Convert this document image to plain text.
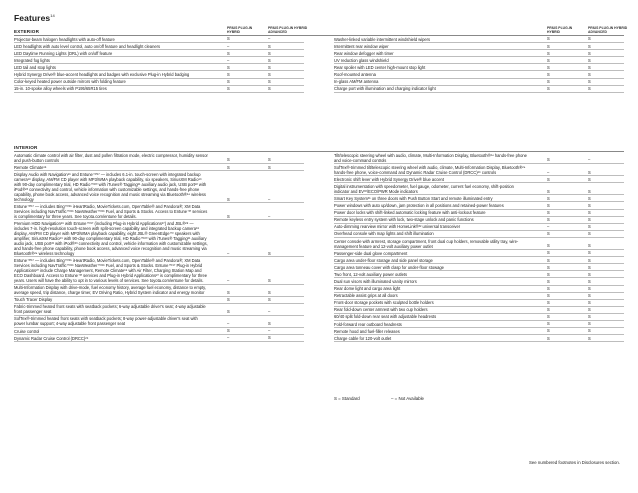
Features$^{14}$
EXTERIOR
PRIUS PLUG-IN HYBRID
PRIUS PLUG-IN HYBRID ADVANCED
PRIUS PLUG-IN HYBRID
PRIUS PLUG-IN HYBRID ADVANCED
Projector-beam halogen headlights with auto-off feature	S	–
LED headlights with auto level control, auto on/off feature and headlight cleaners	–	S
LED Daytime Running Lights (DRL) with on/off feature	S	S
Integrated fog lights	–	S
LED tail and stop lights	S	S
Hybrid Synergy Drive® blue-accent headlights and badges with exclusive Plug-in Hybrid badging	S	S
Color-keyed heated power outside mirrors with folding feature	S	S
15-in. 10-spoke alloy wheels with P195/65R15 tires	S	S
Washer-linked variable intermittent windshield wipers	S	S
Intermittent rear window wiper	S	S
Rear window defogger with timer	S	S
UV reduction glass windshield	S	S
Rear spoiler with LED center high-mount stop light	S	S
Roof-mounted antenna	S	S
In-glass AM/FM antenna	S	S
Charge port with illumination and charging indicator light	S	S
INTERIOR
Automatic climate control with air filter, dust and pollen filtration mode, electric compressor, humidity sensor and push-button controls	S	S
Remote Climate¹⁵	S	S
Display Audio with Navigation¹⁶ and Entune™¹⁷ — includes 6.1-in. touch-screen with integrated backup camera¹⁸ display, AM/FM CD player with MP3/WMA playback capability, six speakers, SiriusXM Radio¹⁹ with 90-day complimentary trial, HD Radio™²⁰ with iTunes® Tagging²¹ auxiliary audio jack, USB port²² with iPod®²³ connectivity and control, vehicle information with customizable settings, and hands-free phone capability, phone book access, advanced voice recognition and music streaming via Bluetooth®²⁴ wireless technology	S	–
Entune™¹⁷ — includes Bing™²⁵ iHeartRadio, MovieTickets.com, OpenTable® and Pandora®; XM Data Services including NavTraffic™²⁶ NavWeather™²⁶ Fuel, and Sports & Stocks. Access to Entune™ services is complimentary for three years. See toyota.com/entune for details.	S	–
Premium HDD Navigation¹⁶ with Entune™¹⁷ (including Plug-in Hybrid Applications²⁷) and JBL®²⁸ — includes 7-in. high-resolution touch-screen with split-screen capability and integrated backup camera¹⁸ display, AM/FM CD player with MP3/WMA playback capability, eight JBL® GreenEdge™ speakers with amplifier, SiriusXM Radio¹⁹ with 90-day complimentary trial, HD Radio™²⁰ with iTunes® Tagging²¹ auxiliary audio jack, USB port²² with iPod®²³ connectivity and control, vehicle information with customizable settings, and hands-free phone capability, phone book access, advanced voice recognition and music streaming via Bluetooth®²⁴ wireless technology	–	S
Entune™¹⁷ — includes Bing™²⁵ iHeartRadio, MovieTickets.com, OpenTable® and Pandora®; XM Data Services including NavTraffic™²⁶ NavWeather™²⁶ Fuel, and Sports & Stocks. Entune™¹⁷ Plug-in Hybrid Applications²⁷ include Charge Management, Remote Climate¹⁵ with Air Filter, Charging Station Map and ECO Dashboard. Access to Entune™ services and Plug-in Hybrid Applications²⁷ is complimentary for three years. Users will have the ability to opt in to various levels of services. See toyota.com/entune for details.	–	S
Multi-Information Display with drive-mode, fuel economy history, average fuel economy, distance to empty, average speed, trip distance, charge timer, EV Driving Ratio, Hybrid System indicator and energy monitor	S	S
Touch Tracer Display	S	S
Fabric-trimmed heated front seats with seatback pockets; 6-way adjustable driver's seat; 4-way adjustable front passenger seat	S	–
SofTex®-trimmed heated front seats with seatback pockets; 8-way power-adjustable driver's seat with power lumbar support; 4-way adjustable front passenger seat	–	S
Cruise control	S	–
Dynamic Radar Cruise Control (DRCC)²⁹	–	S
Tilt/telescopic steering wheel with audio, climate, Multi-Information Display, Bluetooth®²⁴ hands-free phone and voice-command controls	S	–
SofTex®-trimmed tilt/telescopic steering wheel with audio, climate, Multi-Information Display, Bluetooth®²⁴ hands-free phone, voice-command and Dynamic Radar Cruise Control (DRCC)²⁹ controls	–	S
Electronic shift lever with Hybrid Synergy Drive® blue accent	S	S
Digital instrumentation with speedometer, fuel gauge, odometer, current fuel economy, shift-position indicator and EV³⁰/ECO/PWR Mode indicators	S	S
Smart Key System³¹ on three doors with Push Button Start and remote illuminated entry	S	S
Power windows with auto up/down, jam protection in all positions and retained-power features	S	S
Power door locks with shift-linked automatic locking feature with anti-lockout feature	S	S
Remote keyless entry system with lock, two-stage unlock and panic functions	S	S
Auto-dimming rearview mirror with HomeLink®³² universal transceiver	–	S
Overhead console with map lights and shift illumination	S	S
Center console with armrest, storage compartment, front dual cup holders, removable utility tray, wire-management feature and 12-volt auxiliary power outlet	S	S
Passenger-side dual glove compartment	S	S
Cargo area under-floor storage and side panel storage	S	S
Cargo area tonneau cover with clasp for under-floor stowage	S	S
Two front, 12-volt auxiliary power outlets	S	S
Dual sun visors with illuminated vanity mirrors	S	S
Rear dome light and cargo area light	S	S
Retractable assist grips at all doors	S	S
Front-door storage pockets with sculpted bottle holders	S	S
Rear fold-down center armrest with two cup holders	S	S
60/40 split fold-down rear seat with adjustable headrests	S	S
Fold-forward rear outboard headrests	S	S
Remote hood and fuel-filler releases	S	S
Charge cable for 120-volt outlet	S	S
S = Standard	– = Not Available
See numbered footnotes in Disclosures section.
